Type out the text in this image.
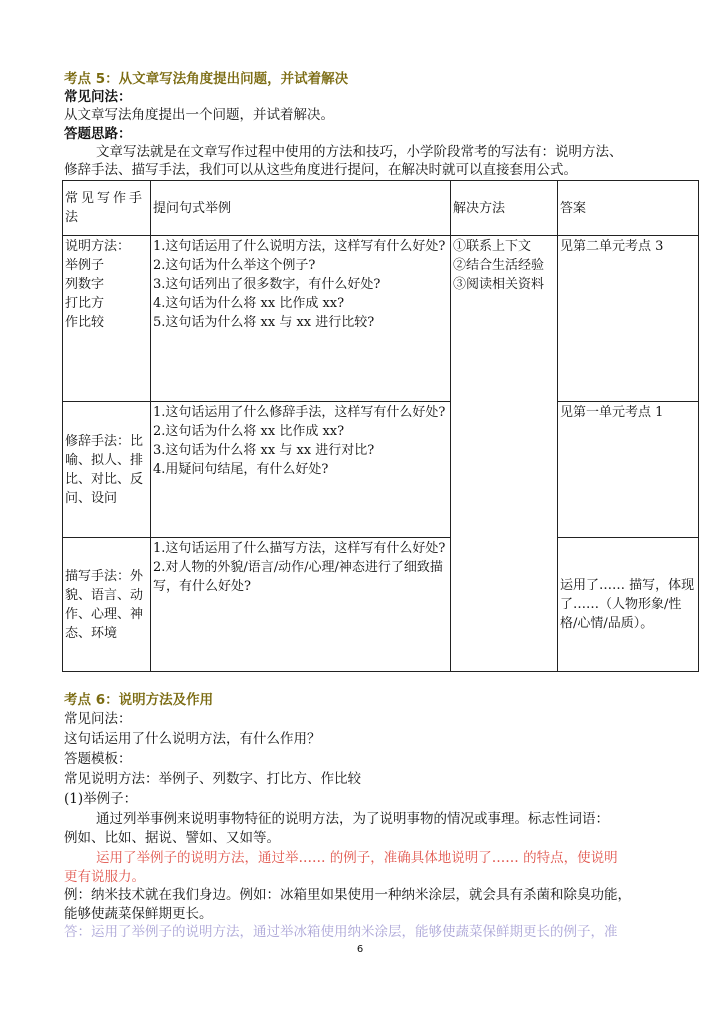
考点 5：从文章写法角度提出问题，并试着解决
常见问法：
从文章写法角度提出一个问题，并试着解决。
答题思路：
文章写法就是在文章写作过程中使用的方法和技巧，小学阶段常考的写法有：说明方法、
修辞手法、描写手法，我们可以从这些角度进行提问，在解决时就可以直接套用公式。
常见写作手法	提问句式举例	解决方法	答案

说明方法：
举例子
列数字
打比方
作比较	1.这句话运用了什么说明方法，这样写有什么好处?
2.这句话为什么举这个例子?
3.这句话列出了很多数字，有什么好处?
4.这句话为什么将 xx 比作成 xx?
5.这句话为什么将 xx 与 xx 进行比较?	①联系上下文
②结合生活经验
③阅读相关资料	见第二单元考点 3
修辞手法：比喻、拟人、排比、对比、反问、设问	1.这句话运用了什么修辞手法，这样写有什么好处?
2.这句话为什么将 xx 比作成 xx?
3.这句话为什么将 xx 与 xx 进行对比?
4.用疑问句结尾，有什么好处?		见第一单元考点 1
描写手法：外貌、语言、动作、心理、神态、环境	1.这句话运用了什么描写方法，这样写有什么好处?
2.对人物的外貌/语言/动作/心理/神态进行了细致描写，有什么好处?		运用了…… 描写，体现了……（人物形象/性格/心情/品质）。
考点 6：说明方法及作用
常见问法：
这句话运用了什么说明方法，有什么作用？
答题模板：
常见说明方法：举例子、列数字、打比方、作比较
(1)举例子：
通过列举事例来说明事物特征的说明方法，为了说明事物的情况或事理。标志性词语：
例如、比如、据说、譬如、又如等。
运用了举例子的说明方法，通过举…… 的例子，准确具体地说明了…… 的特点，使说明
更有说服力。
例：纳米技术就在我们身边。例如：冰箱里如果使用一种纳米涂层，就会具有杀菌和除臭功能，
能够使蔬菜保鲜期更长。
答：运用了举例子的说明方法，通过举冰箱使用纳米涂层，能够使蔬菜保鲜期更长的例子，准
6
